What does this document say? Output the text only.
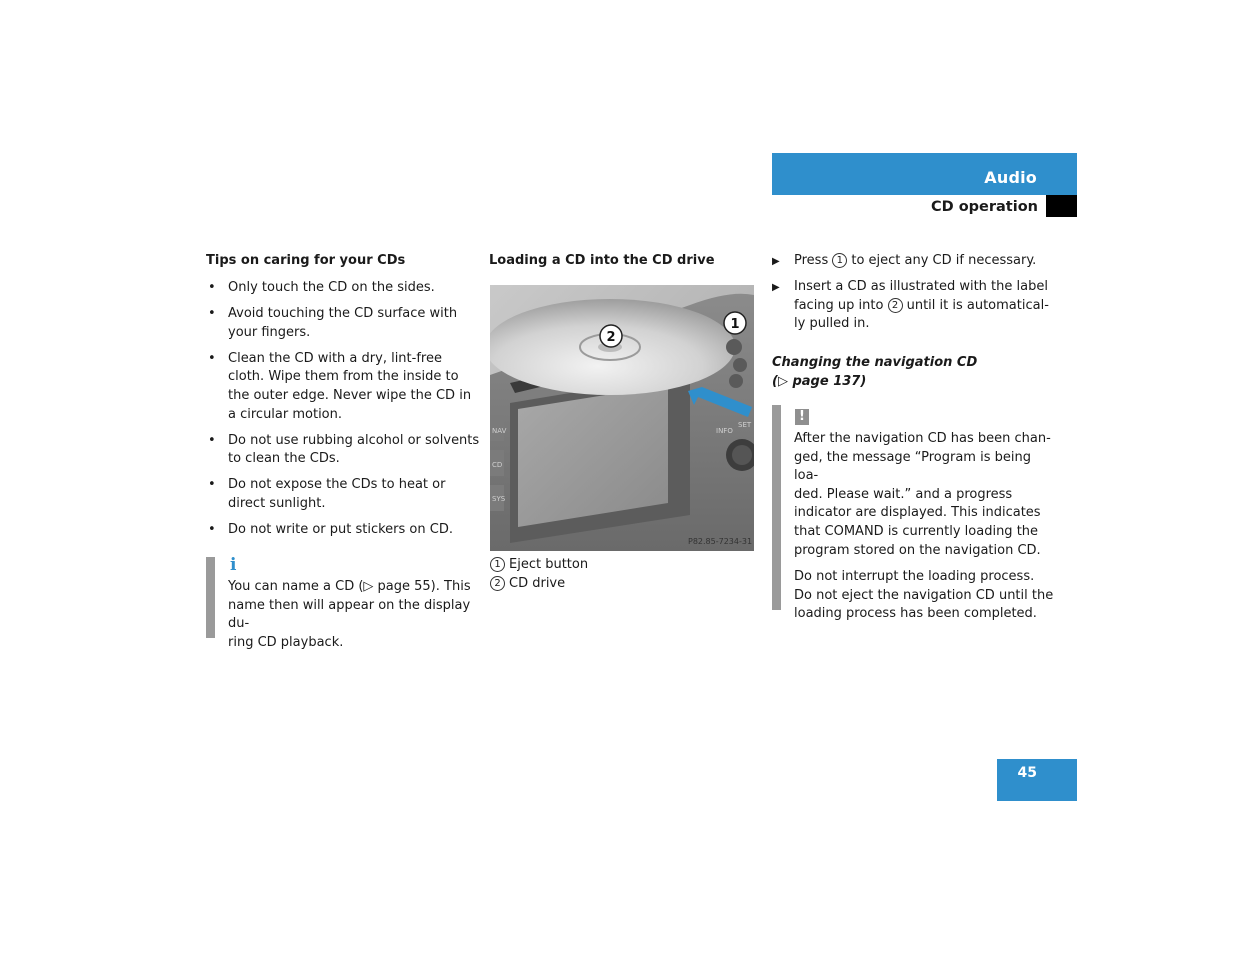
Audio
CD operation
Tips on caring for your CDs
• Only touch the CD on the sides.
• Avoid touching the CD surface with your fingers.
• Clean the CD with a dry, lint-free cloth. Wipe them from the inside to the outer edge. Never wipe the CD in a circular motion.
• Do not use rubbing alcohol or solvents to clean the CDs.
• Do not expose the CDs to heat or direct sunlight.
• Do not write or put stickers on CD.
i
You can name a CD (▷ page 55). This
name then will appear on the display du-
ring CD playback.
Loading a CD into the CD drive
NAV
CD
SYS
INFO
SET
2
1
P82.85-7234-31
1 Eject button
2 CD drive
▶ Press 1 to eject any CD if necessary.
▶ Insert a CD as illustrated with the label
facing up into 2 until it is automatical-
ly pulled in.
Changing the navigation CD
(▷ page 137)
!
After the navigation CD has been chan-
ged, the message “Program is being loa-
ded. Please wait.” and a progress
indicator are displayed. This indicates
that COMAND is currently loading the
program stored on the navigation CD.
Do not interrupt the loading process.
Do not eject the navigation CD until the
loading process has been completed.
45
